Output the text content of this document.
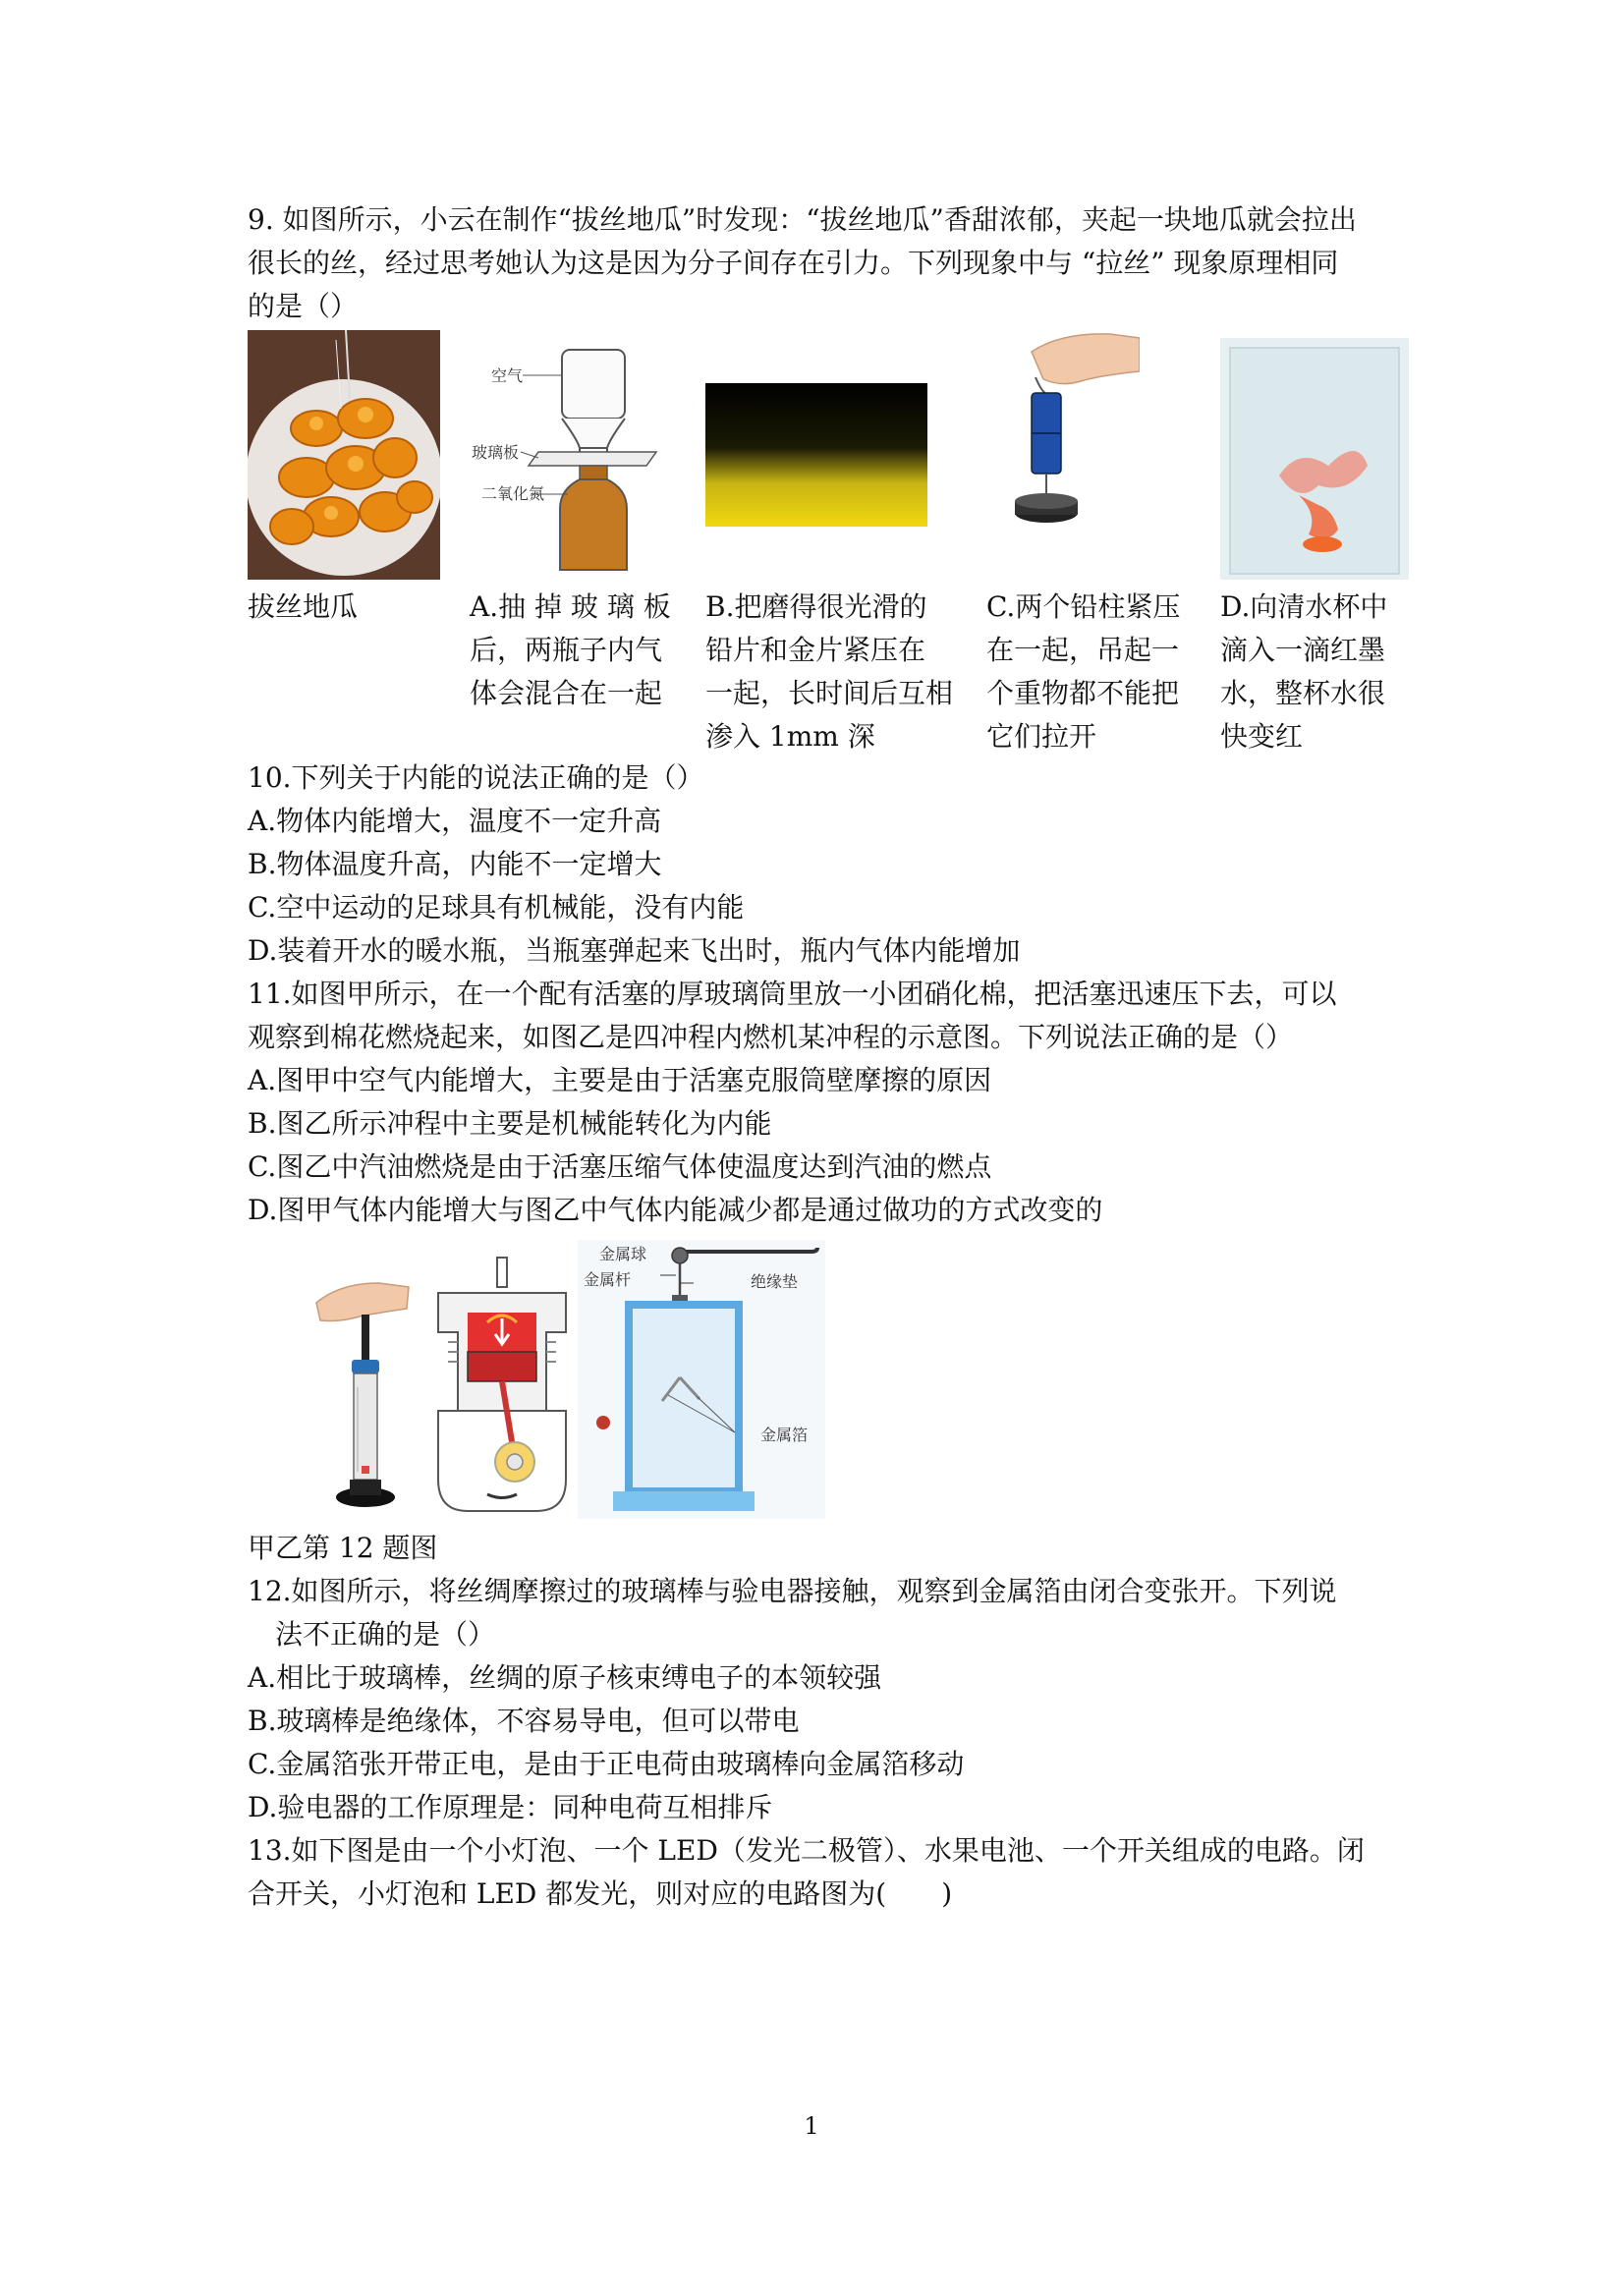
9. 如图所示，小云在制作“拔丝地瓜”时发现：“拔丝地瓜”香甜浓郁，夹起一块地瓜就会拉出
很长的丝，经过思考她认为这是因为分子间存在引力。下列现象中与 “拉丝” 现象原理相同
的是（）
拔丝地瓜
空气
玻璃板
二氧化氮
A.抽 掉 玻 璃 板
后，两瓶子内气
体会混合在一起
B.把磨得很光滑的
铅片和金片紧压在
一起，长时间后互相
渗入 1mm 深
C.两个铅柱紧压
在一起，吊起一
个重物都不能把
它们拉开
D.向清水杯中
滴入一滴红墨
水，整杯水很
快变红
10.下列关于内能的说法正确的是（）
A.物体内能增大，温度不一定升高
B.物体温度升高，内能不一定增大
C.空中运动的足球具有机械能，没有内能
D.装着开水的暖水瓶，当瓶塞弹起来飞出时，瓶内气体内能增加
11.如图甲所示，在一个配有活塞的厚玻璃筒里放一小团硝化棉，把活塞迅速压下去，可以
观察到棉花燃烧起来，如图乙是四冲程内燃机某冲程的示意图。下列说法正确的是（）
A.图甲中空气内能增大，主要是由于活塞克服筒壁摩擦的原因
B.图乙所示冲程中主要是机械能转化为内能
C.图乙中汽油燃烧是由于活塞压缩气体使温度达到汽油的燃点
D.图甲气体内能增大与图乙中气体内能减少都是通过做功的方式改变的
金属球
金属杆	绝缘垫
金属箔
甲乙第 12 题图
12.如图所示，将丝绸摩擦过的玻璃棒与验电器接触，观察到金属箔由闭合变张开。下列说
法不正确的是（）
A.相比于玻璃棒，丝绸的原子核束缚电子的本领较强
B.玻璃棒是绝缘体，不容易导电，但可以带电
C.金属箔张开带正电，是由于正电荷由玻璃棒向金属箔移动
D.验电器的工作原理是：同种电荷互相排斥
13.如下图是由一个小灯泡、一个 LED（发光二极管）、水果电池、一个开关组成的电路。闭
合开关，小灯泡和 LED 都发光，则对应的电路图为(　　)
1
